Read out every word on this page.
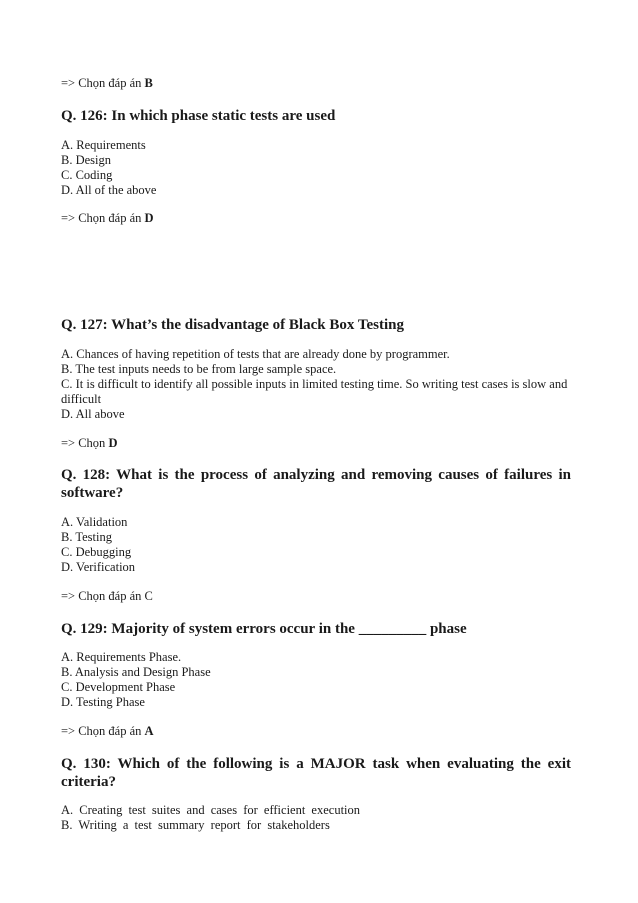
=> Chọn đáp án B

Q. 126: In which phase static tests are used

A. Requirements

B. Design

C. Coding

D. All of the above

=> Chọn đáp án D

Q. 127: What’s the disadvantage of Black Box Testing

A. Chances of having repetition of tests that are already done by programmer.

B. The test inputs needs to be from large sample space.

C. It is difficult to identify all possible inputs in limited testing time. So writing test cases is slow and difficult

D. All above

=> Chọn D

Q. 128: What is the process of analyzing and removing causes of failures in software?

A. Validation

B. Testing

C. Debugging

D. Verification

=> Chọn đáp án C

Q. 129: Majority of system errors occur in the _________ phase

A. Requirements Phase.

B. Analysis and Design Phase

C. Development Phase

D. Testing Phase

=> Chọn đáp án A

Q. 130: Which of the following is a MAJOR task when evaluating the exit criteria?

A. Creating test suites and cases for efficient execution

B. Writing a test summary report for stakeholders
